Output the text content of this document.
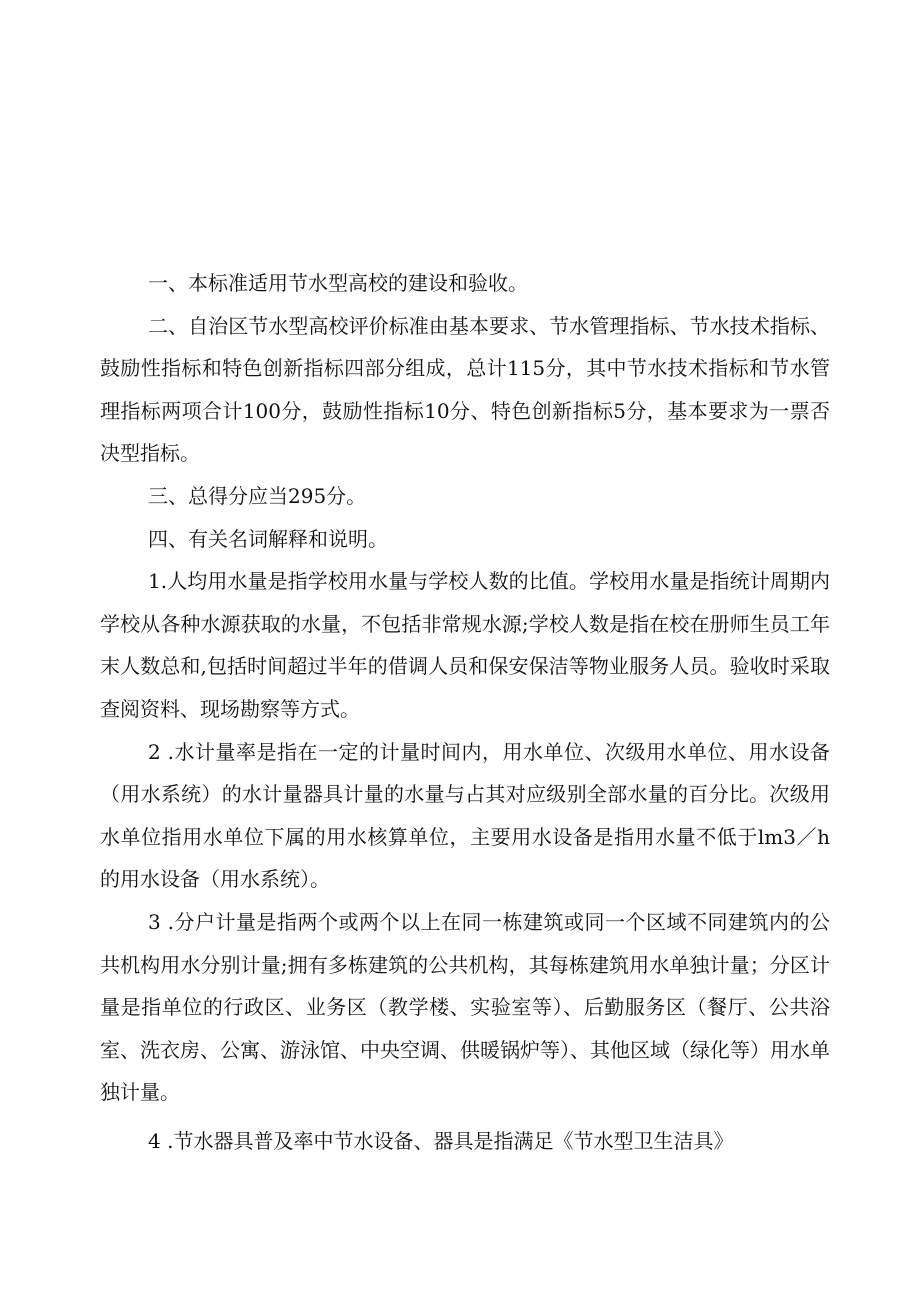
一、本标准适用节水型高校的建设和验收。

二、自治区节水型高校评价标准由基本要求、节水管理指标、节水技术指标、鼓励性指标和特色创新指标四部分组成，总计115分，其中节水技术指标和节水管理指标两项合计100分，鼓励性指标10分、特色创新指标5分，基本要求为一票否决型指标。

三、总得分应当295分。

四、有关名词解释和说明。

1.人均用水量是指学校用水量与学校人数的比值。学校用水量是指统计周期内学校从各种水源获取的水量，不包括非常规水源;学校人数是指在校在册师生员工年末人数总和,包括时间超过半年的借调人员和保安保洁等物业服务人员。验收时采取查阅资料、现场勘察等方式。

2 .水计量率是指在一定的计量时间内，用水单位、次级用水单位、用水设备（用水系统）的水计量器具计量的水量与占其对应级别全部水量的百分比。次级用水单位指用水单位下属的用水核算单位，主要用水设备是指用水量不低于lm3／h的用水设备（用水系统）。

3 .分户计量是指两个或两个以上在同一栋建筑或同一个区域不同建筑内的公共机构用水分别计量;拥有多栋建筑的公共机构，其每栋建筑用水单独计量；分区计量是指单位的行政区、业务区（教学楼、实验室等）、后勤服务区（餐厅、公共浴室、洗衣房、公寓、游泳馆、中央空调、供暖锅炉等）、其他区域（绿化等）用水单独计量。

4 .节水器具普及率中节水设备、器具是指满足《节水型卫生洁具》
